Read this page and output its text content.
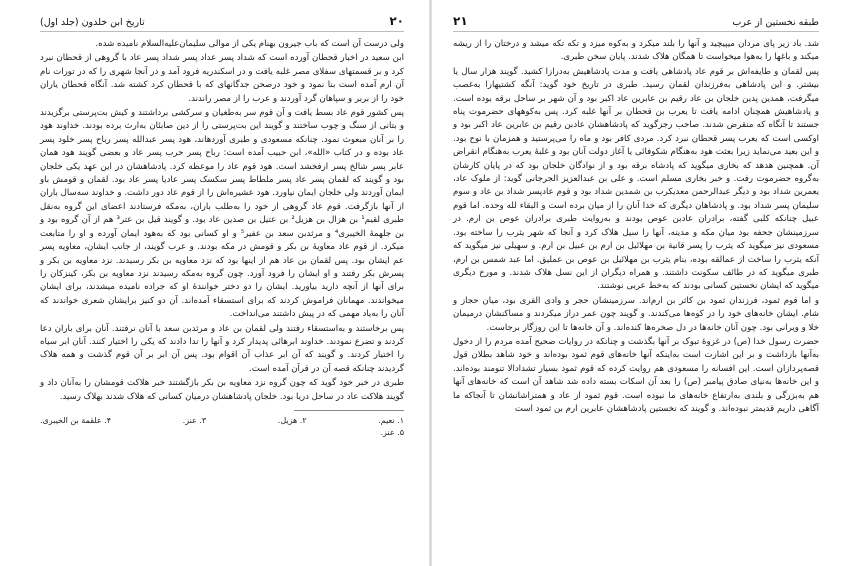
۲۰
تاریخ ابن خلدون (جلد اول)

ولی درست آن است که باب جیرون بهنام یکی از موالی سلیمان‌علیه‌السلام نامیده شده.

ابن سعید در اخبار قحطان آورده است که شداد پسر عداد پسر شداد پسر عاد با گروهی از قحطان نبرد کرد و بر قسمتهای سفلای مصر غلبه یافت و در اسکندریه فرود آمد و در آنجا شهری را که در تورات نام آن ارم آمده است بنا نمود و خود درصحن جدگانهای که با قحطان کرد کشته شد. آنگاه قحطان یاران خود را از بربر و سپاهان گرد آوردند و عرب را از مصر راندند.

پس کشور قوم عاد بسط یافت و آن قوم سر به‌طغیان و سرکشی برداشتند و کیش بت‌پرستی برگزیدند و بتانی از سنگ و چوب ساختند و گویند این بت‌پرستی را از دین صابئان به‌ارث برده بودند. خداوند هود را بر آنان مبعوث نمود. چنانکه مسعودی و طبری آوردهاند، هود پسر عبدالله پسر رباح پسر خلود پسر عاد بوده و در کتاب «الله»، ابن حبیب آمده است: رباح پسر حرب پسر عاد و بعضی گویند هود همان عابر پسر شالخ پسر ارفخشد است. هود قوم عاد را موعظه کرد. پادشاهشان در این عهد یکی خلجان بود و گویند که لقمان پسر عاد پسر ملطاط پسر سکسک پسر عادیا پسر عاد بود. لقمان و قومش باو ایمان آوردند ولی خلجان ایمان نیاورد. هود عشیره‌اش را از قوم عاد دور داشت. و خداوند سه‌سال باران از آنها بازگرفت. قوم عاد گروهی از خود را به‌طلب باران، به‌مکه فرستادند اعضای این گروه به‌نقل طبری لقیم¹ بن هزال بن هزیل² بن عتیل بن صدین عاد بود. و گویند قیل بن عتر³ هم از آن گروه بود و بن جلهمهٔ الخیبری⁴ و مرثدبن سعد بن عفیر⁵ و او کسانی بود که به‌هود ایمان آورده و او را متابعت میکرد. از قوم عاد معاویهٔ بن بکر و قومش در مکه بودند. و عرب گویند، از جانب ایشان، معاویه پسر عم ایشان بود. پس لقمان بن عاد هم از اینها بود که نزد معاویه بن بکر رسیدند. نزد معاویه بن بکر و پسرش بکر رفتند و او ایشان را فرود آورد. چون گروه به‌مکه رسیدند نزد معاویه بن بکر، کینزکان را برای آنها از آنچه دارید بیاورید. ایشان را دو دختر خوانندهٔ او که جراده نامیده میشدند، برای ایشان میخواندند. مهمانان فراموش کردند که برای استسقاء آمده‌اند. آن دو کنیز برایشان شعری خواندند که آنان را به‌یاد مهمی که در پیش داشتند می‌انداخت.

پس برخاستند و به‌استسقاء رفتند ولی لقمان بن عاد و مرثدبن سعد با آنان نرفتند. آنان برای باران دعا کردند و تضرع نمودند. خداوند ابرهائی پدیدار کرد و آنها را ندا دادند که یکی را اختیار کنند. آنان ابر سیاه را اختیار کردند. و گویند که آن ابر عذاب آن اقوام بود. پس آن ابر بر آن قوم گذشت و همه هلاک گردیدند چنانکه قصه آن در قرآن آمده است.

طبری در خبر خود گوید که چون گروه نزد معاویه بن بکر بازگشتند خبر هلاکت قومشان را به‌آنان داد و گویند هلاکت عاد در ساحل دریا بود. خلجان پادشاهشان درمیان کسانی که هلاک شدند بهلاک رسید.

۱. نعیم.
۲. هزیل.
۳. عنز.
۴. علقمة بن الخیبری.
۵. عنز.
طبقه نخستین از عرب
۲۱

شد. باد زیر پای مردان میپیچید و آنها را بلند میکرد و به‌کوه میزد و تکه تکه میشد و درختان را از ریشه میکند و باغها را به‌هوا میخواست تا همگان هلاک شدند. پایان سخن طبری.

پس لقمان و طایفه‌اش بر قوم عاد پادشاهی یافت و مدت پادشاهیش به‌درازا کشید. گویند هزار سال یا بیشتر. و این پادشاهی به‌فرزندان لقمان رسید. طبری در تاریخ خود گوید: آنگه کشتیهارا به‌غصب میگرفت، همدین پدین خلجان بن عاد رقیم بن عابرین عاد اکبر بود و آن شهر بر ساحل برقه بوده است. و پادشاهیش همچنان ادامه یافت تا یعرب بن قحطان بر آنها غلبه کرد. پس به‌کوههای حضرموت پناه جستند تا آنگاه که منقرض شدند. صاحب رجزگوید که پادشاهشان عادبن رقیم بن عابرین عاد اکبر بود و اوکسی است که یعرب پسر قحطان نبرد کرد. مردی کافر بود و ماه را می‌پرستید و همزمان با نوح بود. و این بعید می‌نماید زیرا بعثت هود به‌هنگام شکوفائی یا آغاز دولت آنان بود و غلبهٔ یعرب به‌هنگام انقراض آن. همچنین هدهد که بخاری میگوید که پادشاه برقه بود و از نوادگان خلجان بود که در پایان کارشان به‌گروه حضرموت رفت. و خبر بخاری مسلم است. و علی بن عبدالعزیز الجرجانی گوید: از ملوک عاد، یعمرین شداد بود و دیگر عبدالرحمن معدیکرب بن شمدین شداد بود و قوم عادپسر شداد بن عاد و سوم سلیمان پسر شداد بود. و پادشاهان دیگری که خدا آنان را از میان برده است و البقاء لله وحده. اما قوم عبیل چنانکه کلبی گفته، برادران عادبن عوص بودند و به‌روایت طبری برادران عوص بن ارم. در سرزمینشان جحفه بود میان مکه و مدینه، آنها را سیل هلاک کرد و آنجا که شهر یثرب را ساخته بود. مسعودی نیز میگوید که یثرب را پسر قانیة بن مهلائیل بن ارم بن عبیل بن ارم. و سهیلی نیز میگوید که آنکه یثرب را ساخت از عمالقه بوده، بنام یثرب بن مهلائیل بن عوص بن عملیق. اما عبد شمس بن ارم، طبری میگوید که در طائف سکونت داشتند. و همراه دیگران از این نسل هلاک شدند. و مورخ دیگری میگوید که ایشان نخستین کسانی بودند که به‌خط عربی نوشتند.

و اما قوم ثمود، فرزندان ثمود بن کاثر بن ارم‌اند. سرزمینشان حجر و وادی القری بود، میان حجاز و شام. ایشان خانه‌های خود را در کوه‌ها می‌کندند. و گویند چون عمر دراز میکردند و مساکنشان درمیمان خلا و ویرانی بود. چون آنان خانه‌ها در دل صخره‌ها کنده‌اند. و آن خانه‌ها تا این روزگار برجاست.

حضرت رسول خدا (ص) در غزوهٔ تبوک بر آنها بگذشت و چنانکه در روایات صحیح آمده مردم را از دخول به‌آنها بازداشت و بر این اشارت است به‌اینکه آنها خانه‌های قوم ثمود بوده‌اند و خود شاهد بطلان قول قصه‌پردازان است. این افسانه را مسعودی هم روایت کرده که قوم ثمود بسیار تشدادالا تنومند بوده‌اند. و این خانه‌ها به‌نیای صادق پیامبر (ص) را بعد آن اسکات بسته داده شد شاهد آن است که خانه‌های آنها هم به‌بزرگی و بلندی به‌ارتفاع خانه‌های ما نبوده است. قوم ثمود از عاد و همتراشانشان تا آنجاکه ما آگاهی داریم قدیمتر نبوده‌اند. و گویند که نخستین پادشاهشان عابرین ارم بن ثمود است
